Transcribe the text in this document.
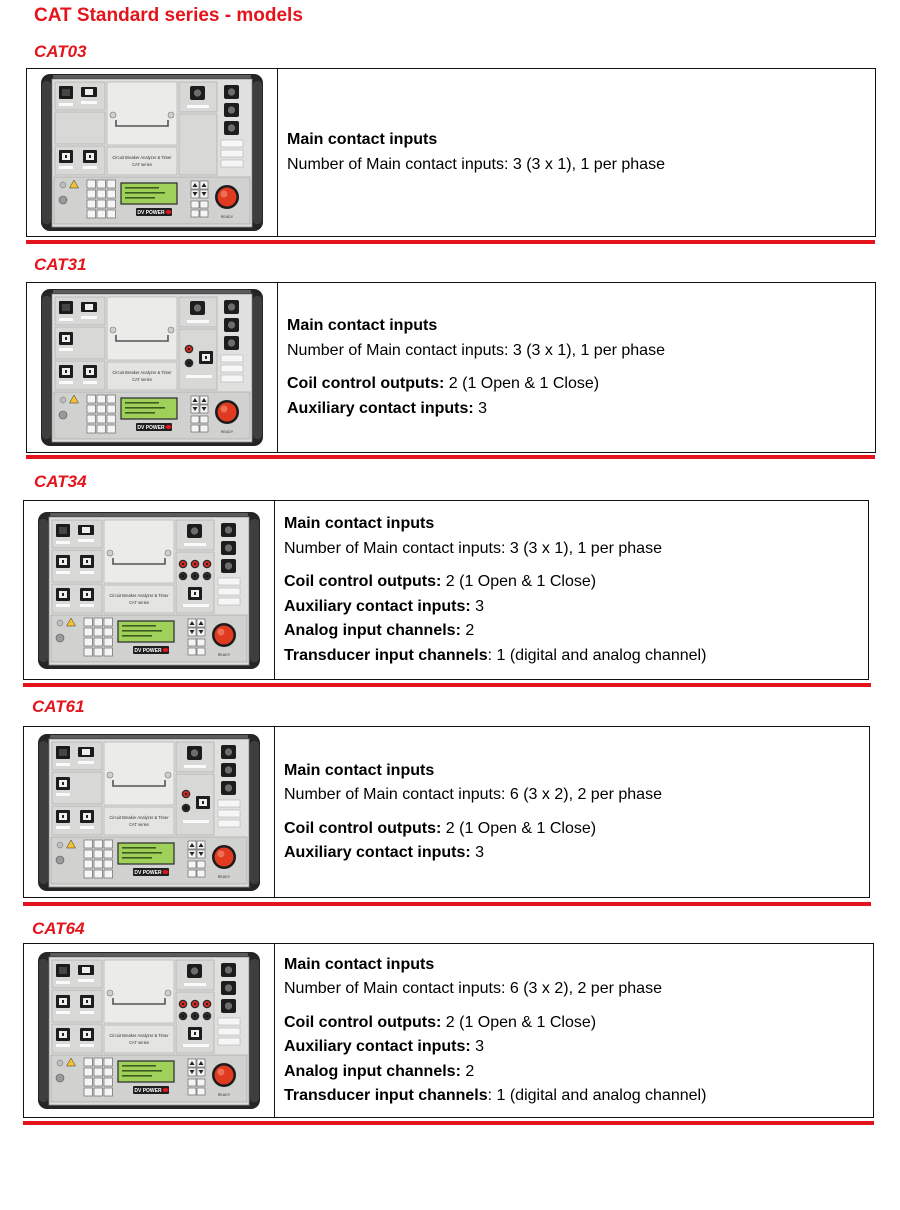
CAT Standard series - models
CAT03
Circuit Breaker Analyzer & Timer
CAT series
DV POWER
READY
Main contact inputs
Number of Main contact inputs: 3 (3 x 1), 1 per phase
CAT31
Circuit Breaker Analyzer & Timer
CAT series
DV POWER
READY
Main contact inputs
Number of Main contact inputs: 3 (3 x 1), 1 per phase
Coil control outputs: 2 (1 Open & 1 Close)
Auxiliary contact inputs: 3
CAT34
Circuit Breaker Analyzer & Timer
CAT series
DV POWER
READY
Main contact inputs
Number of Main contact inputs: 3 (3 x 1), 1 per phase
Coil control outputs: 2 (1 Open & 1 Close)
Auxiliary contact inputs: 3
Analog input channels: 2
Transducer input channels: 1 (digital and analog channel)
CAT61
Circuit Breaker Analyzer & Timer
CAT series
DV POWER
READY
Main contact inputs
Number of Main contact inputs: 6 (3 x 2), 2 per phase
Coil control outputs: 2 (1 Open & 1 Close)
Auxiliary contact inputs: 3
CAT64
Circuit Breaker Analyzer & Timer
CAT series
DV POWER
READY
Main contact inputs
Number of Main contact inputs: 6 (3 x 2), 2 per phase
Coil control outputs: 2 (1 Open & 1 Close)
Auxiliary contact inputs: 3
Analog input channels: 2
Transducer input channels: 1 (digital and analog channel)
